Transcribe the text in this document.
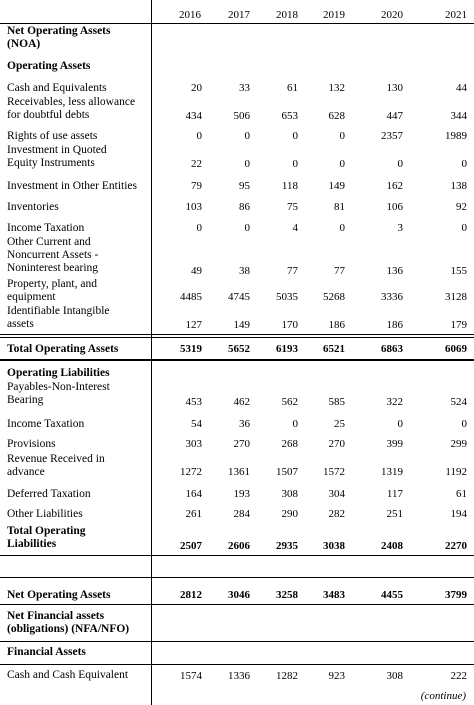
2016	2017	2018	2019	2020	2021
Net Operating Assets
(NOA)
Operating Assets
Cash and Equivalents	20	33	61	132	130	44
Receivables, less allowance
for doubtful debts	434	506	653	628	447	344
Rights of use assets	0	0	0	0	2357	1989
Investment in Quoted
Equity Instruments	22	0	0	0	0	0
Investment in Other Entities	79	95	118	149	162	138
Inventories	103	86	75	81	106	92
Income Taxation	0	0	4	0	3	0
Other Current and
Noncurrent Assets -
Noninterest bearing	49	38	77	77	136	155
Property, plant, and
equipment	4485	4745	5035	5268	3336	3128
Identifiable Intangible
assets	127	149	170	186	186	179
Total Operating Assets	5319	5652	6193	6521	6863	6069
Operating Liabilities
Payables-Non-Interest
Bearing	453	462	562	585	322	524
Income Taxation	54	36	0	25	0	0
Provisions	303	270	268	270	399	299
Revenue Received in
advance	1272	1361	1507	1572	1319	1192
Deferred Taxation	164	193	308	304	117	61
Other Liabilities	261	284	290	282	251	194
Total Operating
Liabilities	2507	2606	2935	3038	2408	2270
Net Operating Assets	2812	3046	3258	3483	4455	3799
Net Financial assets
(obligations) (NFA/NFO)
Financial Assets
Cash and Cash Equivalent	1574	1336	1282	923	308	222
(continue)
